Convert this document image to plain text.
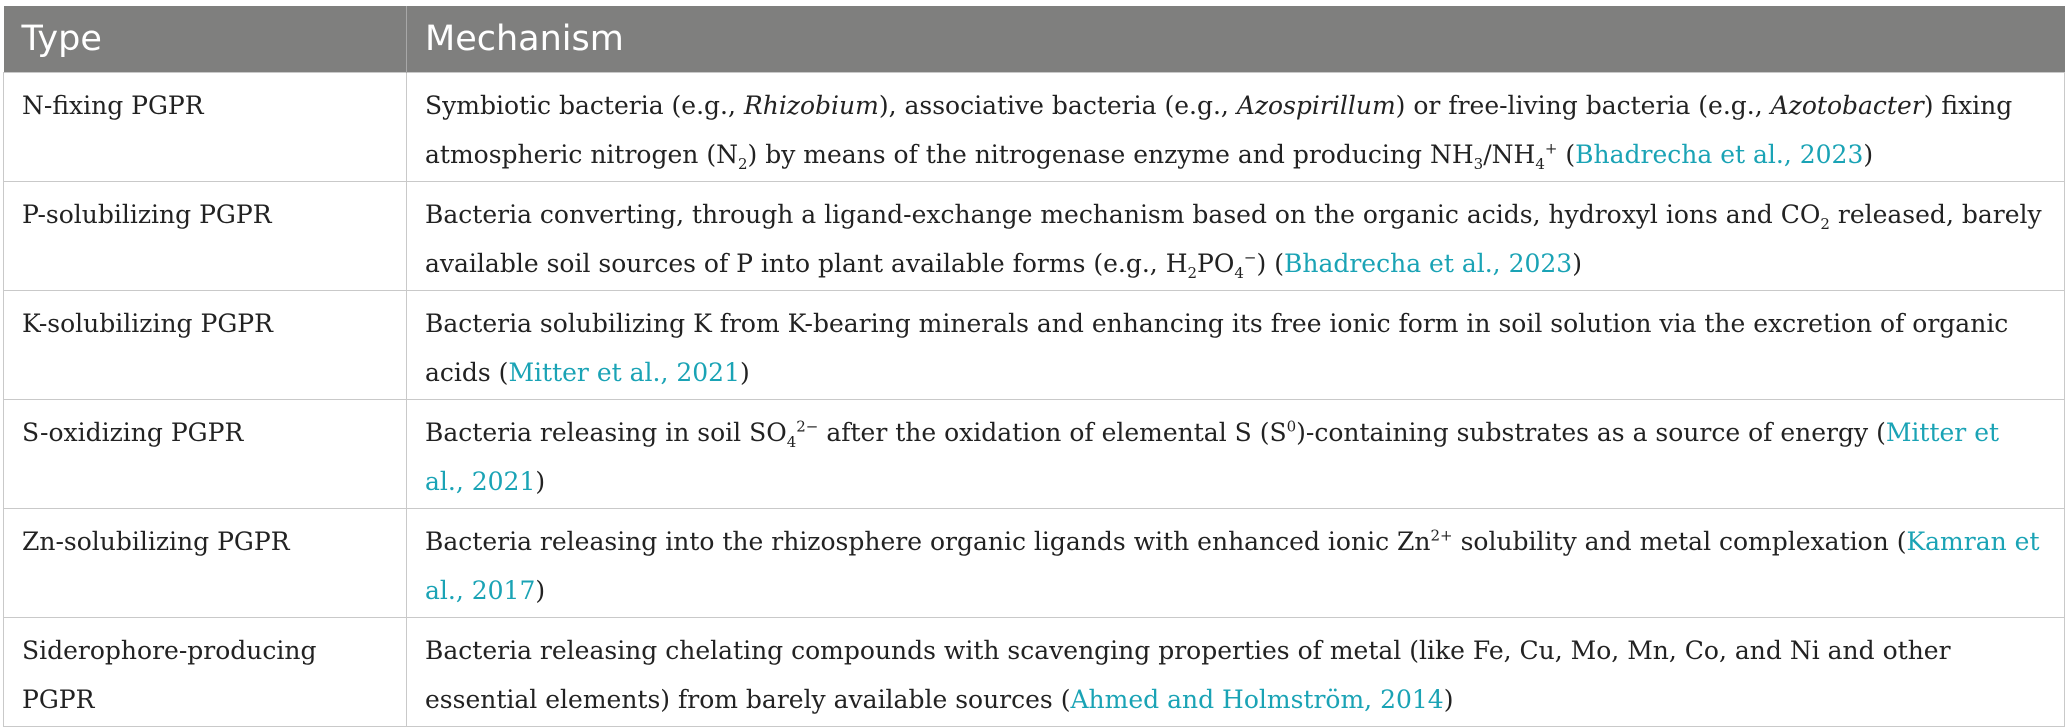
Type	Mechanism
N-fixing PGPR	Symbiotic bacteria (e.g., Rhizobium), associative bacteria (e.g., Azospirillum) or free-living bacteria (e.g., Azotobacter) fixing atmospheric nitrogen $(N_2)$ by means of the nitrogenase enzyme and producing $NH_3/NH_4^+$ (Bhadrecha et al., 2023)
P-solubilizing PGPR	Bacteria converting, through a ligand-exchange mechanism based on the organic acids, hydroxyl ions and $CO_2$ released, barely available soil sources of P into plant available forms (e.g., $H_2PO_4^-$) (Bhadrecha et al., 2023)
K-solubilizing PGPR	Bacteria solubilizing K from K-bearing minerals and enhancing its free ionic form in soil solution via the excretion of organic acids (Mitter et al., 2021)
S-oxidizing PGPR	Bacteria releasing in soil $SO_4^{2-}$ after the oxidation of elemental S $(S^0)$-containing substrates as a source of energy (Mitter et al., 2021)
Zn-solubilizing PGPR	Bacteria releasing into the rhizosphere organic ligands with enhanced ionic $Zn^{2+}$ solubility and metal complexation (Kamran et al., 2017)
Siderophore-producing PGPR	Bacteria releasing chelating compounds with scavenging properties of metal (like Fe, Cu, Mo, Mn, Co, and Ni and other essential elements) from barely available sources (Ahmed and Holmström, 2014)
